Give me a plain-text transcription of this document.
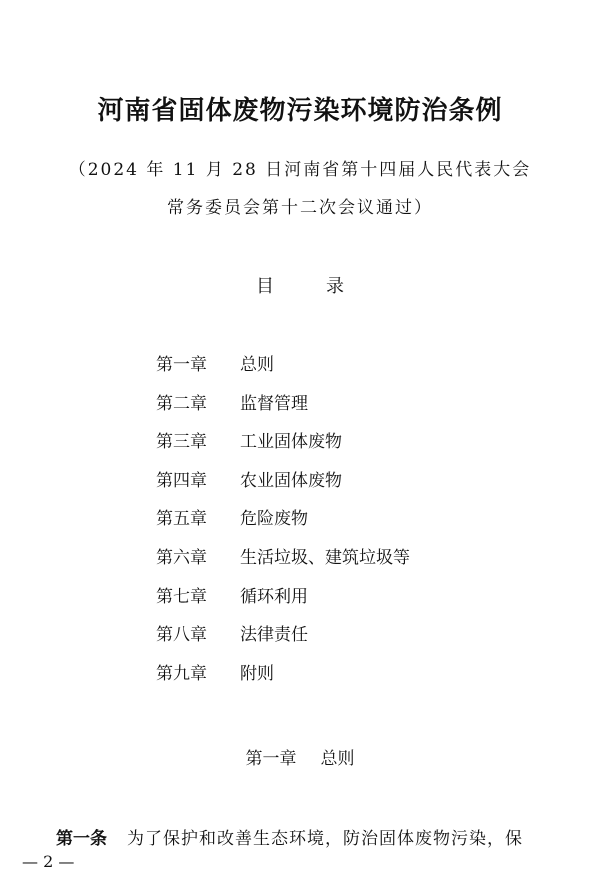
河南省固体废物污染环境防治条例
（2024 年 11 月 28 日河南省第十四届人民代表大会
常务委员会第十二次会议通过）
目	录
第一章 总则
第二章 监督管理
第三章 工业固体废物
第四章 农业固体废物
第五章 危险废物
第六章 生活垃圾、建筑垃圾等
第七章 循环利用
第八章 法律责任
第九章 附则
第一章 总则
第一条 为了保护和改善生态环境，防治固体废物污染，保
— 2 —
